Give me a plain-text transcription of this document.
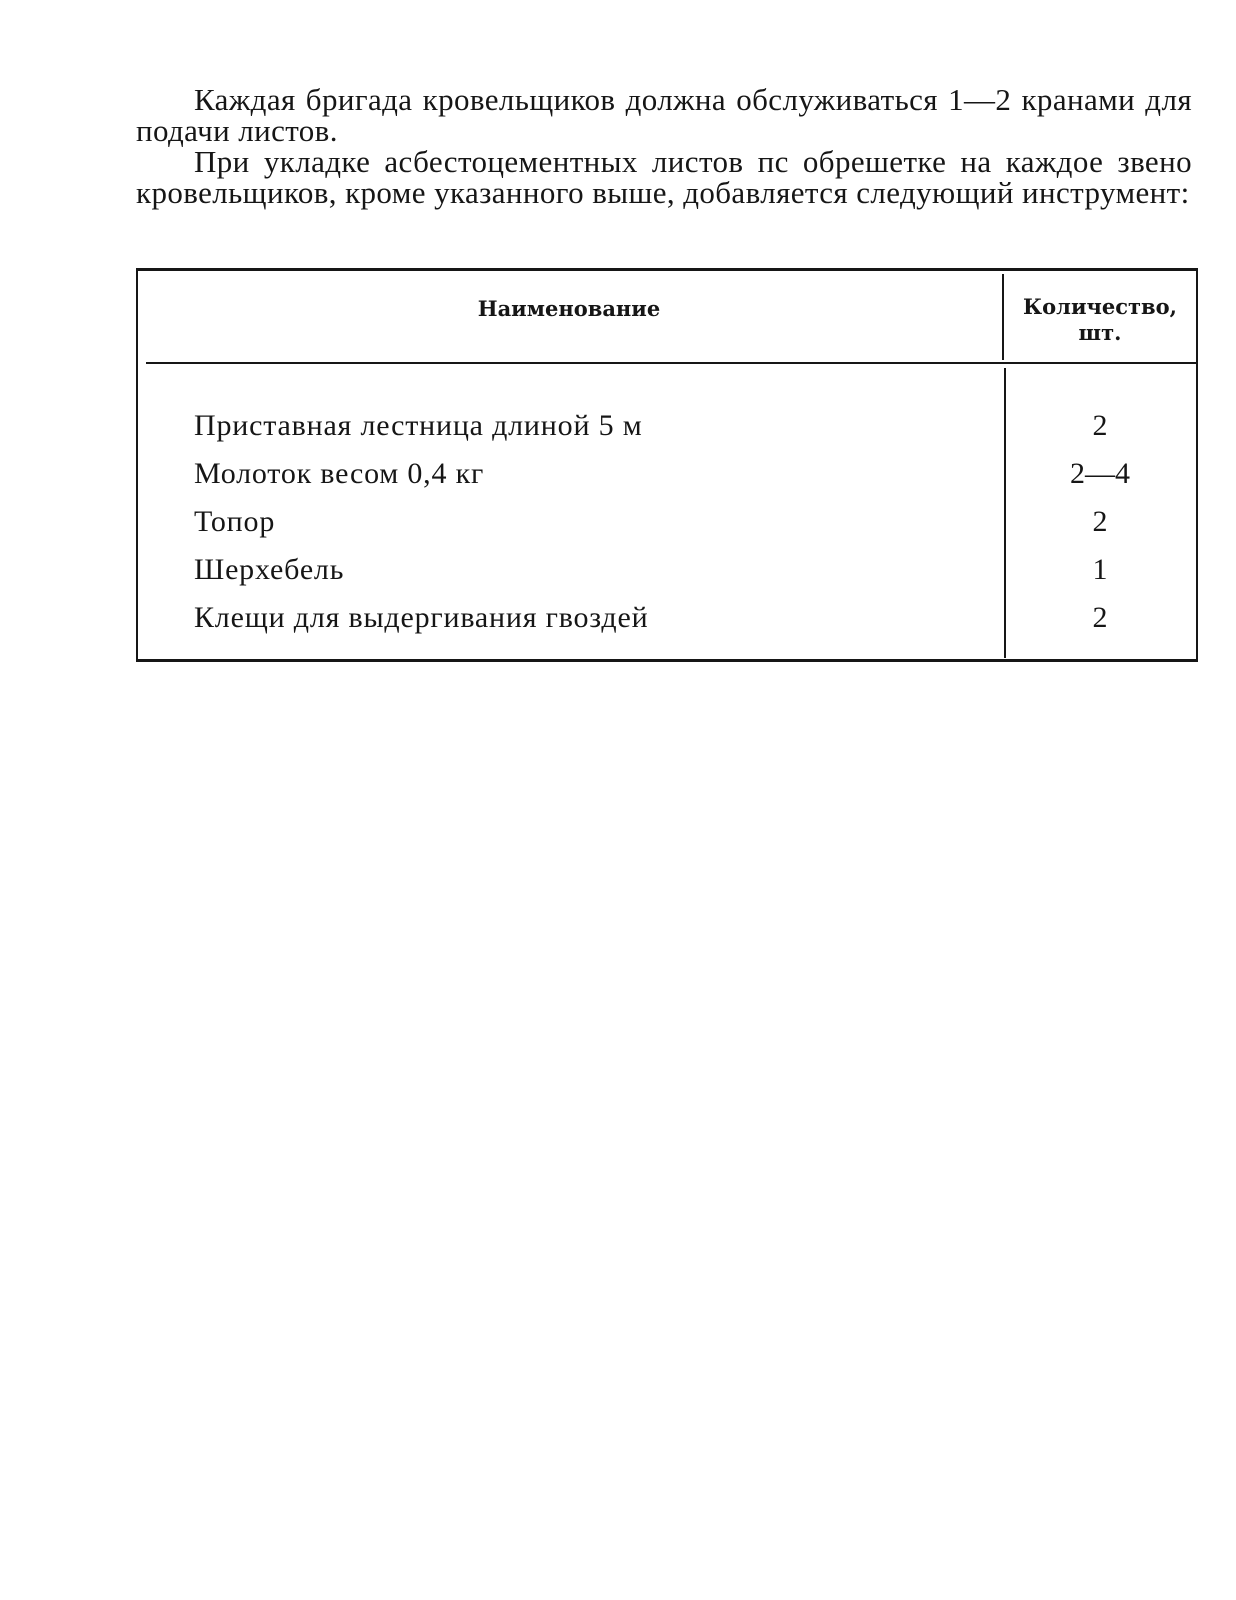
Каждая бригада кровельщиков должна обслуживаться 1—2 кранами для подачи листов.

При укладке асбестоцементных листов пс обрешетке на каждое звено кровельщиков, кроме указанного выше, добавляется следующий инструмент:

Наименование	Количество,
шт.
Приставная лестница длиной 5 м	2
Молоток весом 0,4 кг	2—4
Топор	2
Шерхебель	1
Клещи для выдергивания гвоздей	2
